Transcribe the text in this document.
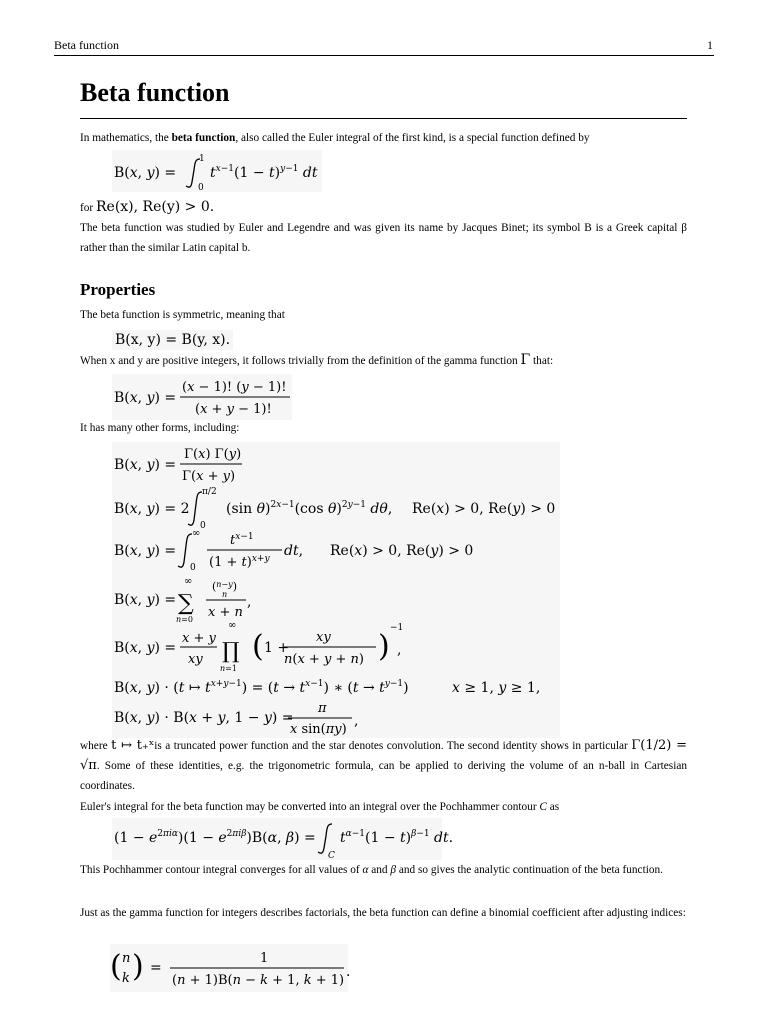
Beta function	1
Beta function
In mathematics, the beta function, also called the Euler integral of the first kind, is a special function defined by
B(x, y) =
1
0
$t^x-1(1 - t)^y-1$ dt
for Re(x), Re(y) > 0.
The beta function was studied by Euler and Legendre and was given its name by Jacques Binet; its symbol Β is a Greek capital β rather than the similar Latin capital b.
Properties
The beta function is symmetric, meaning that
B(x, y) = B(y, x).
When x and y are positive integers, it follows trivially from the definition of the gamma function Γ that:
B(x, y) =
(x − 1)! (y − 1)!
(x + y − 1)!
It has many other forms, including:
B(x, y) =
Γ(x) Γ(y)
Γ(x + y)
B(x, y) = 2
π/2
0
(sin θ)$^{2x-1}$(cos θ)$^{2y-1}$ dθ, Re(x) > 0, Re(y) > 0
B(x, y) =
∞
0
$t^x-1$
$(1 + t)^{x+y}$ dt, Re(x) > 0, Re(y) > 0
B(x, y) =
∞
∑
n=0
($^n$−y)
n
x + n
,
B(x, y) =
x + y
xy
∞
∏
n=1
( 1 +
xy
n(x + y + n) )
−1
,
B(x, y) · (t ↦ $t^{x+y-1}) = (t \to t^{x-1})$ ∗ $(t \to t^{y-1})$	x ≥ 1, y ≥ 1,
B(x, y) · B(x + y, 1 − y) =
π
x sin(πy)
,
where t ↦ t₊ˣis a truncated power function and the star denotes convolution. The second identity shows in particular Γ(1/2) = √π. Some of these identities, e.g. the trigonometric formula, can be applied to deriving the volume of an n-ball in Cartesian coordinates.
Euler's integral for the beta function may be converted into an integral over the Pochhammer contour C as
$(1 - e^{2\pi i\alpha})(1 - e^{2\pi i\beta})B(\alpha$, β) =
C
$t^{\alpha-1}(1 - t)^{\beta-1}$ dt.
This Pochhammer contour integral converges for all values of α and β and so gives the analytic continuation of the beta function.
Just as the gamma function for integers describes factorials, the beta function can define a binomial coefficient after adjusting indices:
( n
k ) =
1
(n + 1)B(n − k + 1, k + 1)
.
